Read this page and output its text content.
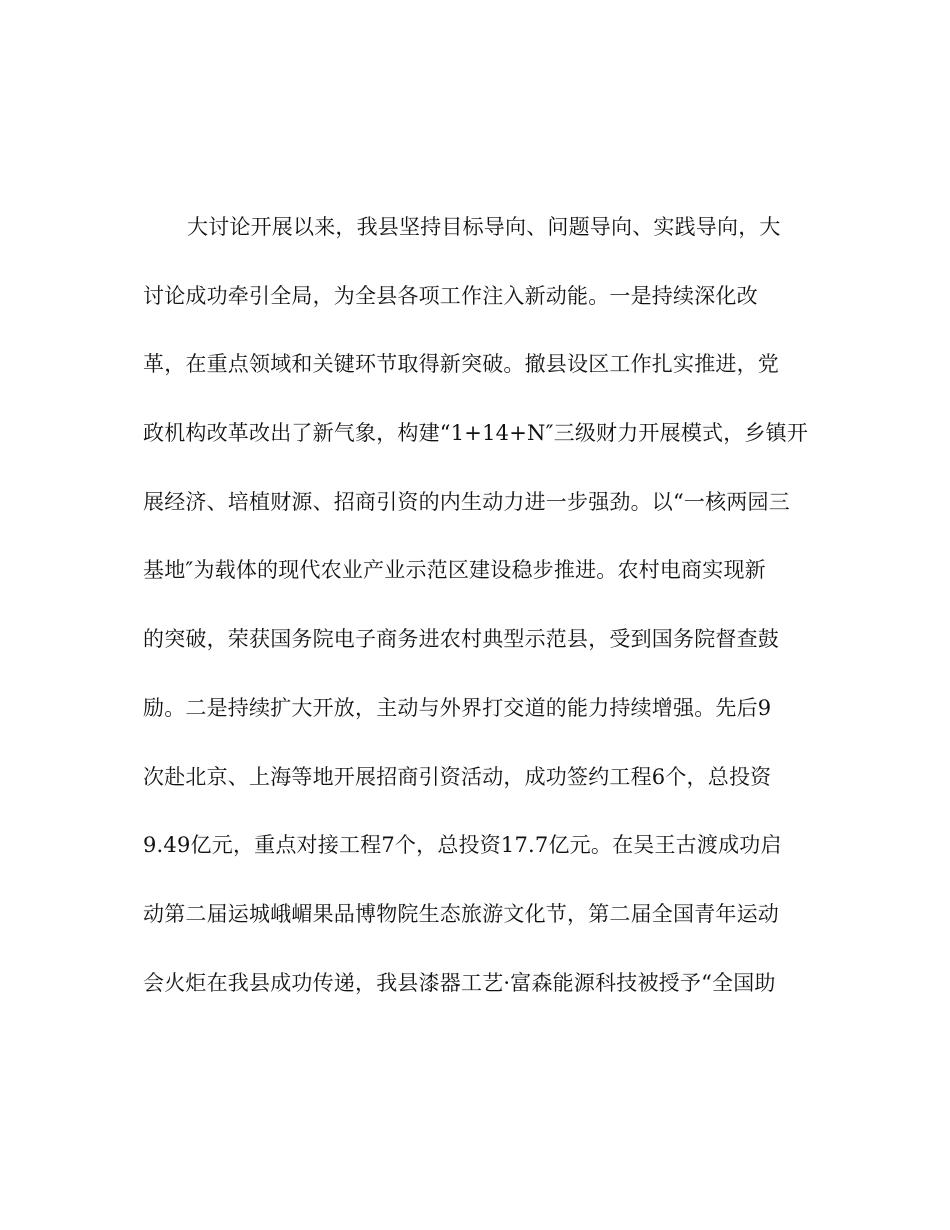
大讨论开展以来，我县坚持目标导向、问题导向、实践导向，大
讨论成功牵引全局，为全县各项工作注入新动能。一是持续深化改
革，在重点领域和关键环节取得新突破。撤县设区工作扎实推进，党
政机构改革改出了新气象，构建“1+14+N″三级财力开展模式，乡镇开
展经济、培植财源、招商引资的内生动力进一步强劲。以“一核两园三
基地″为载体的现代农业产业示范区建设稳步推进。农村电商实现新
的突破，荣获国务院电子商务进农村典型示范县，受到国务院督查鼓
励。二是持续扩大开放，主动与外界打交道的能力持续增强。先后9
次赴北京、上海等地开展招商引资活动，成功签约工程6个，总投资
9.49亿元，重点对接工程7个，总投资17.7亿元。在吴王古渡成功启
动第二届运城峨嵋果品博物院生态旅游文化节，第二届全国青年运动
会火炬在我县成功传递，我县漆器工艺·富森能源科技被授予“全国助
